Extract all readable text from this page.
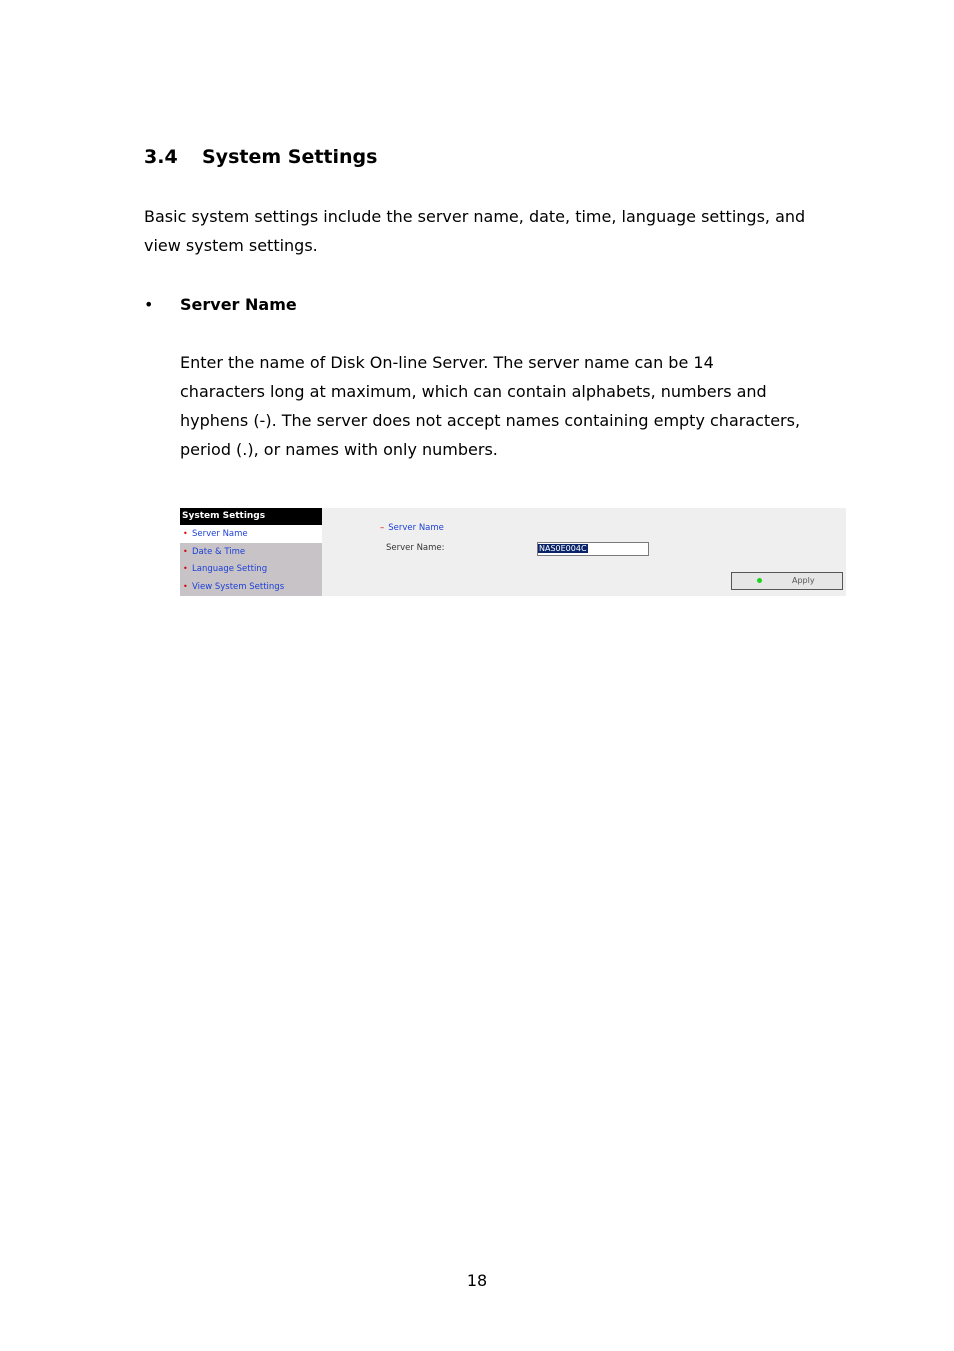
3.4 System Settings
Basic system settings include the server name, date, time, language settings, and
view system settings.
• Server Name
Enter the name of Disk On-line Server. The server name can be 14
characters long at maximum, which can contain alphabets, numbers and
hyphens (-). The server does not accept names containing empty characters,
period (.), or names with only numbers.
System Settings
• Server Name
• Date & Time
• Language Setting
• View System Settings
– Server Name
Server Name:	NAS0E004C
Apply
18
